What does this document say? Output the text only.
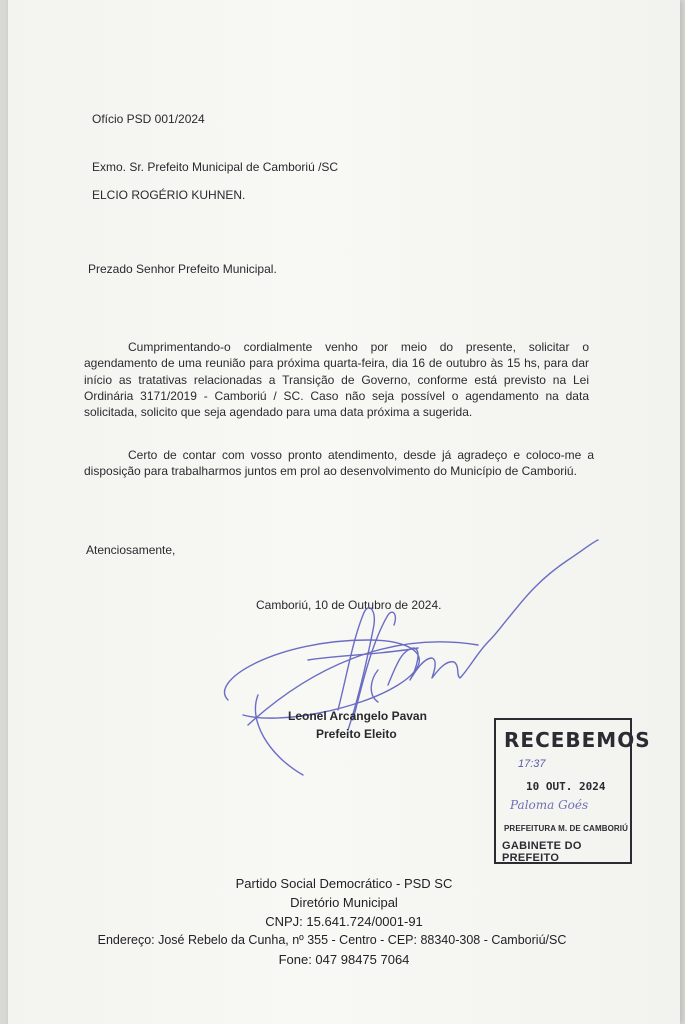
Ofício PSD 001/2024
Exmo. Sr. Prefeito Municipal de Camboriú /SC
ELCIO ROGÉRIO KUHNEN.
Prezado Senhor Prefeito Municipal.
Cumprimentando-o cordialmente venho por meio do presente, solicitar o agendamento de uma reunião para próxima quarta-feira, dia 16 de outubro às 15 hs, para dar início as tratativas relacionadas a Transição de Governo, conforme está previsto na Lei Ordinária 3171/2019 - Camboriú / SC. Caso não seja possível o agendamento na data solicitada, solicito que seja agendado para uma data próxima a sugerida.
Certo de contar com vosso pronto atendimento, desde já agradeço e coloco-me a disposição para trabalharmos juntos em prol ao desenvolvimento do Município de Camboriú.
Atenciosamente,
Camboriú, 10 de Outubro de 2024.
Leonel Arcangelo Pavan
Prefeito Eleito	RECEBEMOS
17:37
10 OUT. 2024
Paloma Goés
PREFEITURA M. DE CAMBORIÚ
GABINETE DO PREFEITO
Partido Social Democrático - PSD SC
Diretório Municipal
CNPJ: 15.641.724/0001-91
Endereço: José Rebelo da Cunha, nº 355 - Centro - CEP: 88340-308 - Camboriú/SC
Fone: 047 98475 7064
